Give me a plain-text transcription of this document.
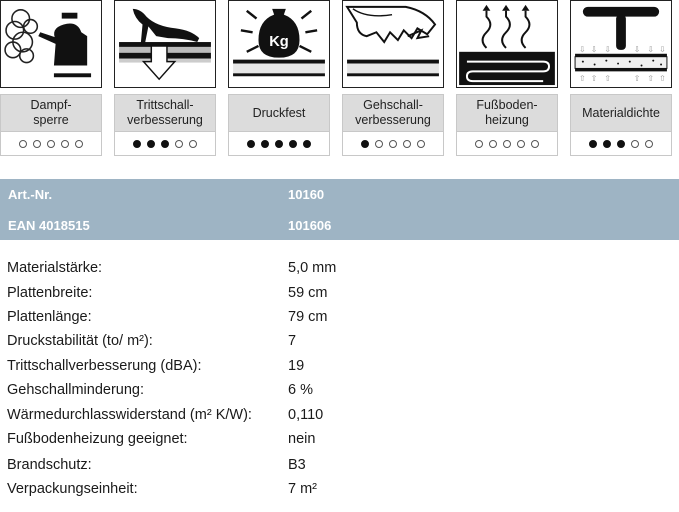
Dampf-
sperre
Trittschall-
verbesserung
Kg
Druckfest
Gehschall-
verbesserung
Fußboden-
heizung
⇩ ⇩ ⇩	⇩ ⇩ ⇩
⇧ ⇧ ⇧	⇧ ⇧ ⇧
Materialdichte
Art.-Nr.	10160
EAN 4018515	101606
Materialstärke:	5,0 mm
Plattenbreite:	59 cm
Plattenlänge:	79 cm
Druckstabilität (to/ m²):	7
Trittschallverbesserung (dBA):	19
Gehschallminderung:	6 %
Wärmedurchlasswiderstand (m² K/W): 0,110
Fußbodenheizung geeignet:	nein
Brandschutz:	B3
Verpackungseinheit:	7 m²
